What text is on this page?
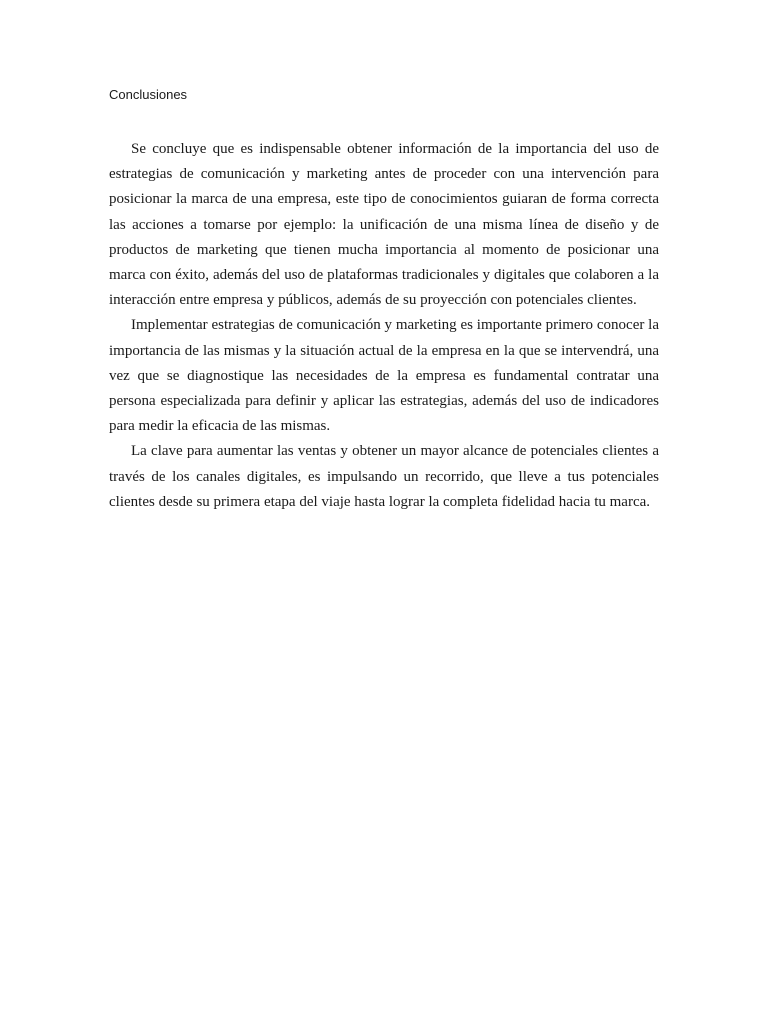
Conclusiones

Se concluye que es indispensable obtener información de la importancia del uso de estrategias de comunicación y marketing antes de proceder con una intervención para posicionar la marca de una empresa, este tipo de conocimientos guiaran de forma correcta las acciones a tomarse por ejemplo: la unificación de una misma línea de diseño y de productos de marketing que tienen mucha importancia al momento de posicionar una marca con éxito, además del uso de plataformas tradicionales y digitales que colaboren a la interacción entre empresa y públicos, además de su proyección con potenciales clientes.

Implementar estrategias de comunicación y marketing es importante primero conocer la importancia de las mismas y la situación actual de la empresa en la que se intervendrá, una vez que se diagnostique las necesidades de la empresa es fundamental contratar una persona especializada para definir y aplicar las estrategias, además del uso de indicadores para medir la eficacia de las mismas.

La clave para aumentar las ventas y obtener un mayor alcance de potenciales clientes a través de los canales digitales, es impulsando un recorrido, que lleve a tus potenciales clientes desde su primera etapa del viaje hasta lograr la completa fidelidad hacia tu marca.
